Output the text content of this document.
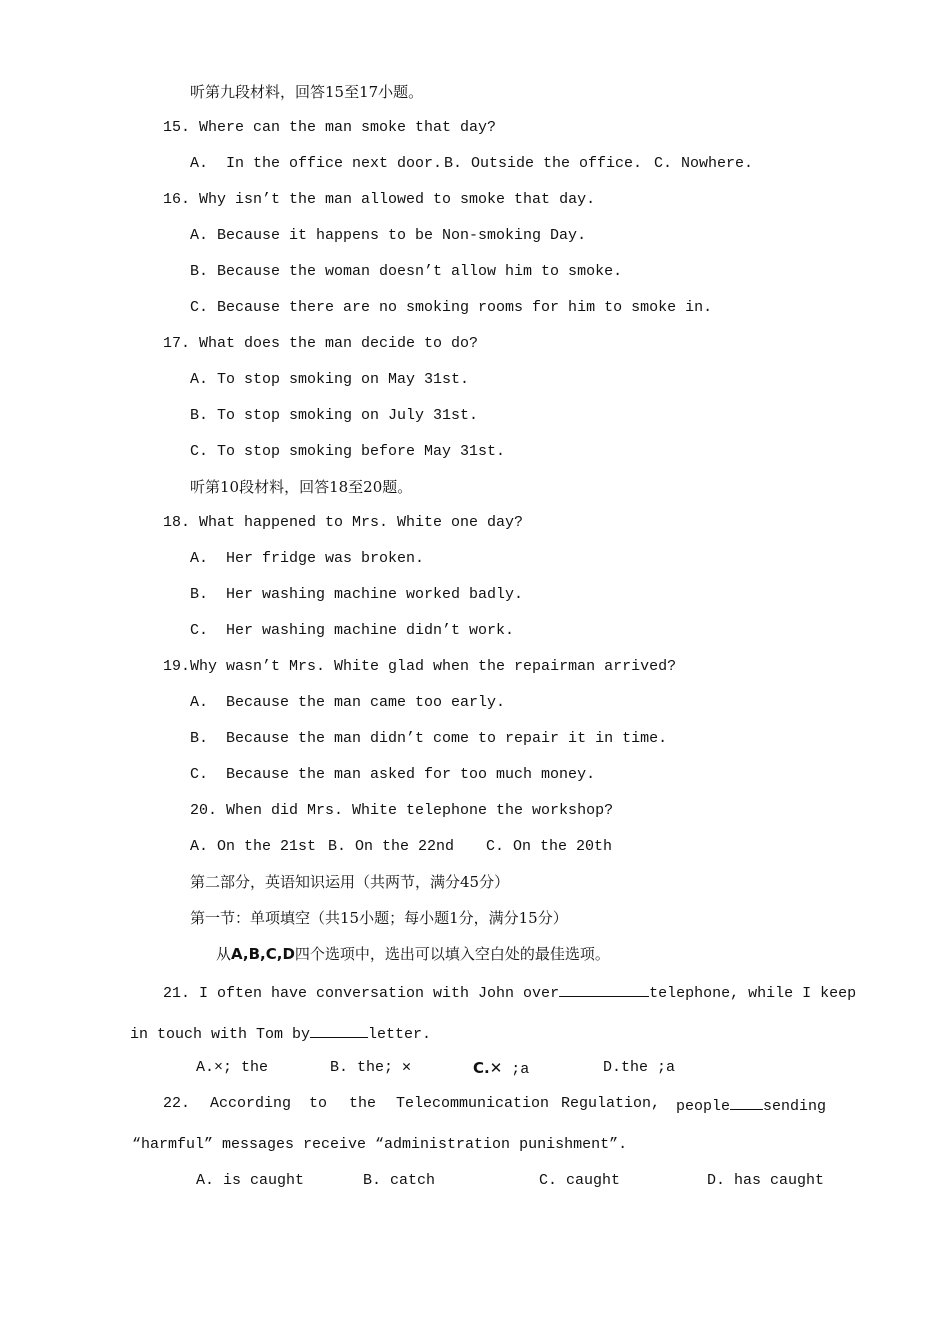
听第九段材料，回答15至17小题。
15. Where can the man smoke that day?
A.  In the office next door. B. Outside the office. C. Nowhere.
16. Why isn’t the man allowed to smoke that day.
A. Because it happens to be Non-smoking Day.
B. Because the woman doesn’t allow him to smoke.
C. Because there are no smoking rooms for him to smoke in.
17. What does the man decide to do?
A. To stop smoking on May 31st.
B. To stop smoking on July 31st.
C. To stop smoking before May 31st.
听第10段材料，回答18至20题。
18. What happened to Mrs. White one day?
A.  Her fridge was broken.
B.  Her washing machine worked badly.
C.  Her washing machine didn’t work.
19.Why wasn’t Mrs. White glad when the repairman arrived?
A.  Because the man came too early.
B.  Because the man didn’t come to repair it in time.
C.  Because the man asked for too much money.
20. When did Mrs. White telephone the workshop?
A. On the 21st B. On the 22nd C. On the 20th
第二部分，英语知识运用（共两节，满分45分）
第一节：单项填空（共15小题；每小题1分，满分15分）
从A,B,C,D四个选项中，选出可以填入空白处的最佳选项。
21. I often have conversation with John over	telephone, while I keep
in touch with Tom by	letter.
A.×; the	B. the; ✕	C.✕ ;a	D.the ;a
22. According to the Telecommunication Regulation, people sending
“harmful” messages receive “administration punishment”.
A. is caught	B. catch	C. caught	D. has caught
